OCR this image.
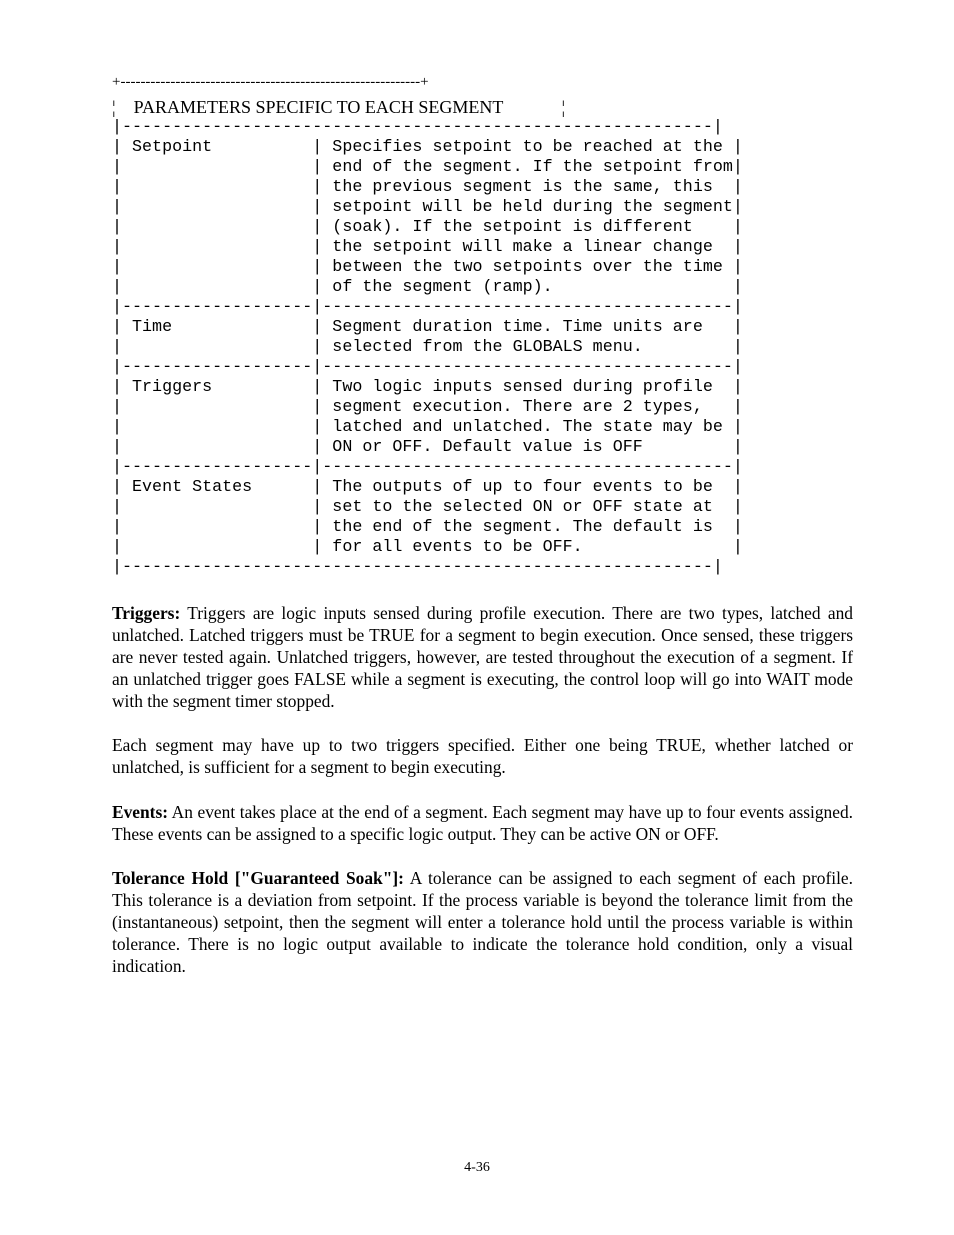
+------------------------------------------------------------+
¦    PARAMETERS SPECIFIC TO EACH SEGMENT             ¦
|-----------------------------------------------------------|
| Setpoint          | Specifies setpoint to be reached at the |
|                   | end of the segment. If the setpoint from|
|                   | the previous segment is the same, this  |
|                   | setpoint will be held during the segment|
|                   | (soak). If the setpoint is different    |
|                   | the setpoint will make a linear change  |
|                   | between the two setpoints over the time |
|                   | of the segment (ramp).                  |
|-------------------|-----------------------------------------|
| Time              | Segment duration time. Time units are   |
|                   | selected from the GLOBALS menu.         |
|-------------------|-----------------------------------------|
| Triggers          | Two logic inputs sensed during profile  |
|                   | segment execution. There are 2 types,   |
|                   | latched and unlatched. The state may be |
|                   | ON or OFF. Default value is OFF         |
|-------------------|-----------------------------------------|
| Event States      | The outputs of up to four events to be  |
|                   | set to the selected ON or OFF state at  |
|                   | the end of the segment. The default is  |
|                   | for all events to be OFF.               |
|-----------------------------------------------------------|

Triggers: Triggers are logic inputs sensed during profile execution. There are two types, latched and unlatched. Latched triggers must be TRUE for a segment to begin execution. Once sensed, these triggers are never tested again. Unlatched triggers, however, are tested throughout the execution of a segment. If an unlatched trigger goes FALSE while a segment is executing, the control loop will go into WAIT mode with the segment timer stopped.

Each segment may have up to two triggers specified. Either one being TRUE, whether latched or unlatched, is sufficient for a segment to begin executing.

Events: An event takes place at the end of a segment. Each segment may have up to four events assigned. These events can be assigned to a specific logic output. They can be active ON or OFF.

Tolerance Hold ["Guaranteed Soak"]: A tolerance can be assigned to each segment of each profile. This tolerance is a deviation from setpoint. If the process variable is beyond the tolerance limit from the (instantaneous) setpoint, then the segment will enter a tolerance hold until the process variable is within tolerance. There is no logic output available to indicate the tolerance hold condition, only a visual indication.

4-36
